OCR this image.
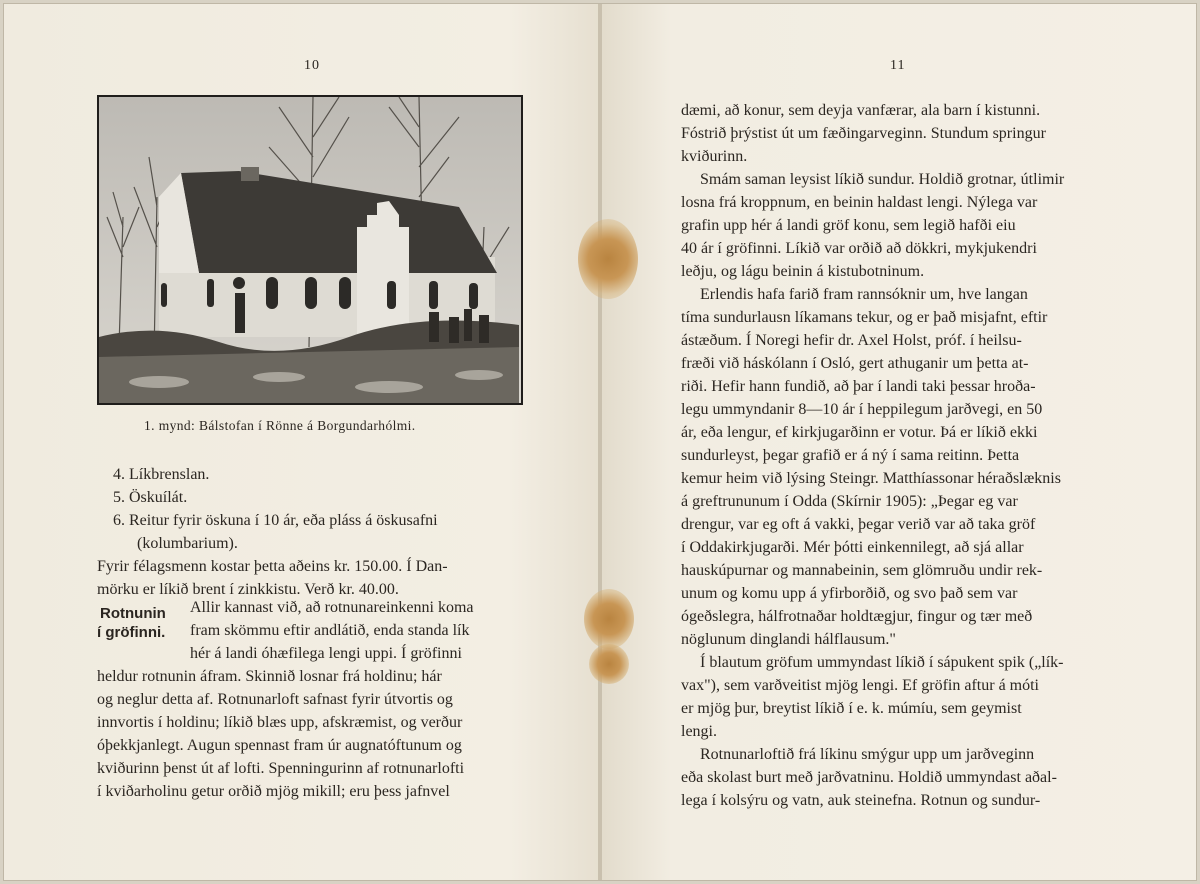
10
1. mynd: Bálstofan í Rönne á Borgundarhólmi.
4. Líkbrenslan.
5. Öskuílát.
6. Reitur fyrir öskuna í 10 ár, eða pláss á öskusafni
(kolumbarium).
Fyrir félagsmenn kostar þetta aðeins kr. 150.00. Í Dan-
mörku er líkið brent í zinkkistu. Verð kr. 40.00.
Rotnunin
í gröfinni.
Allir kannast við, að rotnunareinkenni koma
fram skömmu eftir andlátið, enda standa lík
hér á landi óhæfilega lengi uppi. Í gröfinni
heldur rotnunin áfram. Skinnið losnar frá holdinu; hár
og neglur detta af. Rotnunarloft safnast fyrir útvortis og
innvortis í holdinu; líkið blæs upp, afskræmist, og verður
óþekkjanlegt. Augun spennast fram úr augnatóftunum og
kviðurinn þenst út af lofti. Spenningurinn af rotnunarlofti
í kviðarholinu getur orðið mjög mikill; eru þess jafnvel
11
dæmi, að konur, sem deyja vanfærar, ala barn í kistunni.
Fóstrið þrýstist út um fæðingarveginn. Stundum springur
kviðurinn.
Smám saman leysist líkið sundur. Holdið grotnar, útlimir
losna frá kroppnum, en beinin haldast lengi. Nýlega var
grafin upp hér á landi gröf konu, sem legið hafði eiu
40 ár í gröfinni. Líkið var orðið að dökkri, mykjukendri
leðju, og lágu beinin á kistubotninum.
Erlendis hafa farið fram rannsóknir um, hve langan
tíma sundurlausn líkamans tekur, og er það misjafnt, eftir
ástæðum. Í Noregi hefir dr. Axel Holst, próf. í heilsu-
fræði við háskólann í Osló, gert athuganir um þetta at-
riði. Hefir hann fundið, að þar í landi taki þessar hroða-
legu ummyndanir 8—10 ár í heppilegum jarðvegi, en 50
ár, eða lengur, ef kirkjugarðinn er votur. Þá er líkið ekki
sundurleyst, þegar grafið er á ný í sama reitinn. Þetta
kemur heim við lýsing Steingr. Matthíassonar héraðslæknis
á greftrununum í Odda (Skírnir 1905): „Þegar eg var
drengur, var eg oft á vakki, þegar verið var að taka gröf
í Oddakirkjugarði. Mér þótti einkennilegt, að sjá allar
hauskúpurnar og mannabeinin, sem glömruðu undir rek-
unum og komu upp á yfirborðið, og svo það sem var
ógeðslegra, hálfrotnaðar holdtægjur, fingur og tær með
nöglunum dinglandi hálflausum."
Í blautum gröfum ummyndast líkið í sápukent spik („lík-
vax"), sem varðveitist mjög lengi. Ef gröfin aftur á móti
er mjög þur, breytist líkið í e. k. múmíu, sem geymist
lengi.
Rotnunarloftið frá líkinu smýgur upp um jarðveginn
eða skolast burt með jarðvatninu. Holdið ummyndast aðal-
lega í kolsýru og vatn, auk steinefna. Rotnun og sundur-
